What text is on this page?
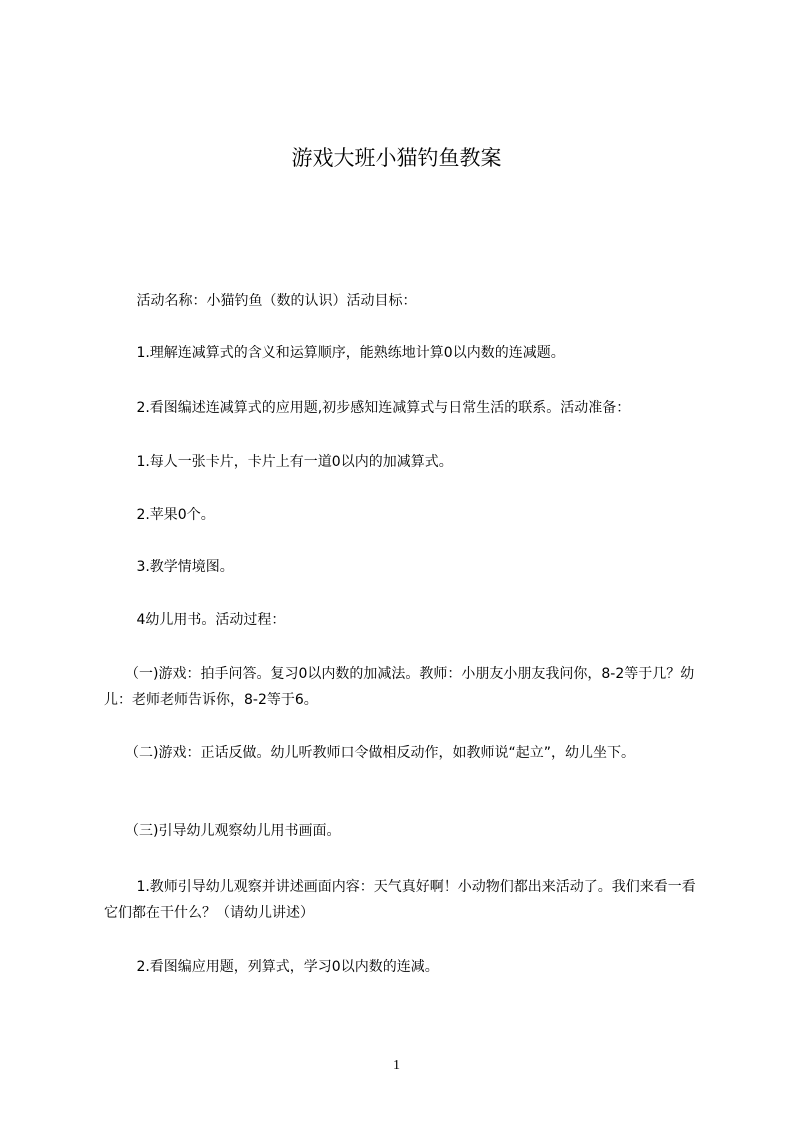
游戏大班小猫钓鱼教案

　　 活动名称：小猫钓鱼（数的认识）活动目标：

　　 1.理解连减算式的含义和运算顺序，能熟练地计算0以内数的连减题。

　　 2.看图编述连减算式的应用题,初步感知连减算式与日常生活的联系。活动准备：

　　 1.每人一张卡片，卡片上有一道0以内的加减算式。

　　 2.苹果0个。

　　 3.教学情境图。

　　 4幼儿用书。活动过程：

　　（一)游戏：拍手问答。复习0以内数的加减法。教师：小朋友小朋友我问你，8-2等于几？幼儿：老师老师告诉你，8-2等于6。

　　（二)游戏：正话反做。幼儿听教师口令做相反动作，如教师说“起立”，幼儿坐下。

　　（三)引导幼儿观察幼儿用书画面。

　　 1.教师引导幼儿观察并讲述画面内容：天气真好啊！小动物们都出来活动了。我们来看一看它们都在干什么？（请幼儿讲述）

　　 2.看图编应用题，列算式，学习0以内数的连减。

1
